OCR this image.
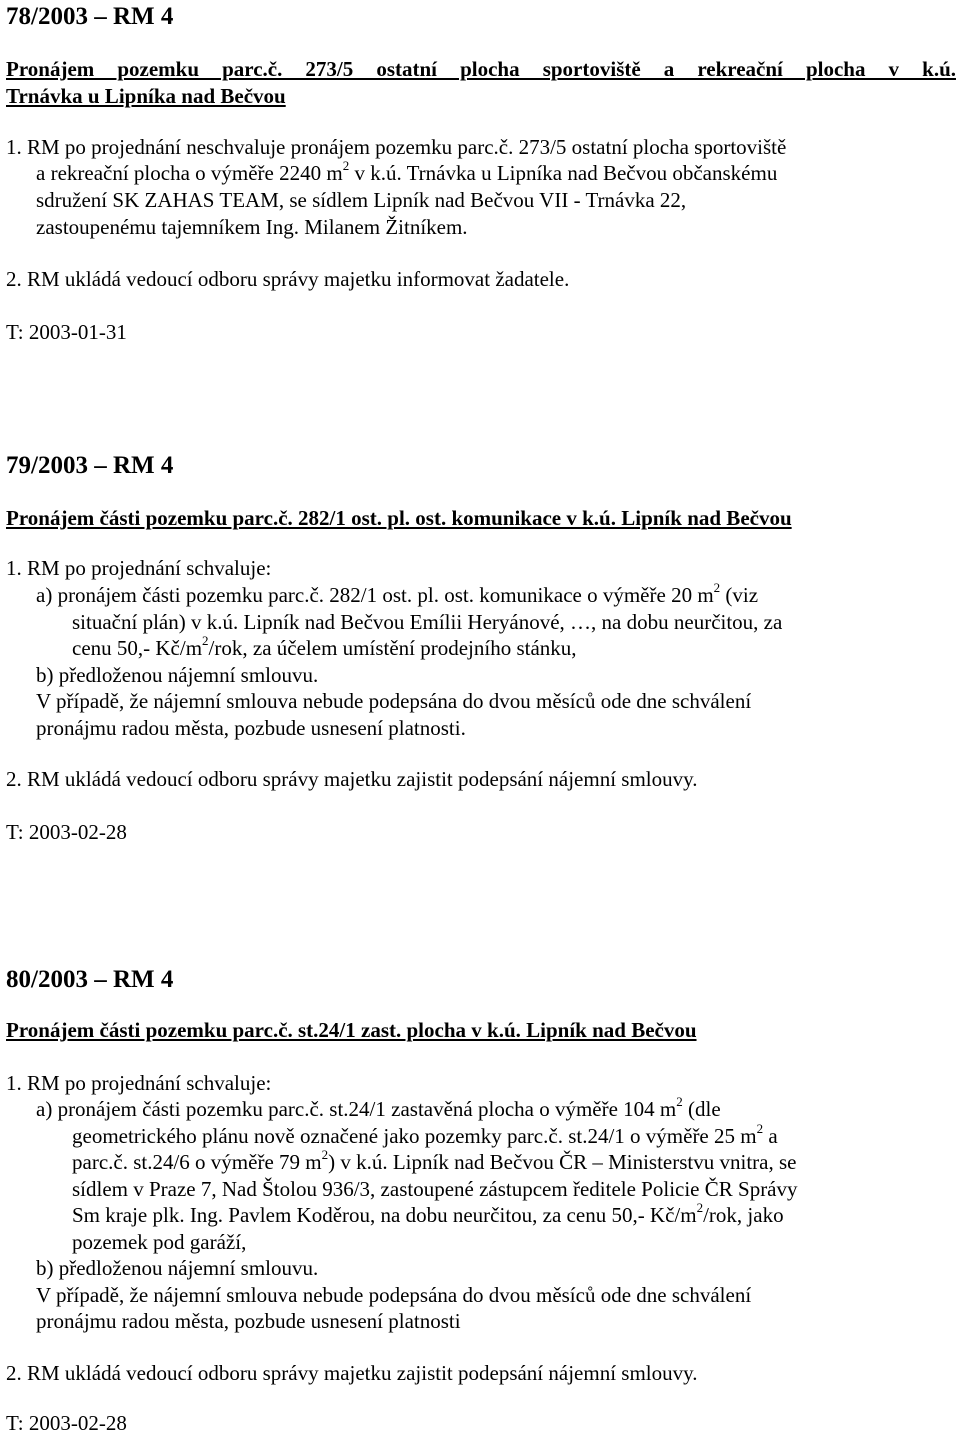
78/2003 – RM 4
Pronájem pozemku parc.č. 273/5 ostatní plocha sportoviště a rekreační plocha v k.ú.
Trnávka u Lipníka nad Bečvou
1. RM po projednání neschvaluje pronájem pozemku parc.č. 273/5 ostatní plocha sportoviště
a rekreační plocha o výměře 2240 $m^2$ v k.ú. Trnávka u Lipníka nad Bečvou občanskému
sdružení SK ZAHAS TEAM, se sídlem Lipník nad Bečvou VII - Trnávka 22,
zastoupenému tajemníkem Ing. Milanem Žitníkem.
2. RM ukládá vedoucí odboru správy majetku informovat žadatele.
T: 2003-01-31
79/2003 – RM 4
Pronájem části pozemku parc.č. 282/1 ost. pl. ost. komunikace v k.ú. Lipník nad Bečvou
1. RM po projednání schvaluje:
a) pronájem části pozemku parc.č. 282/1 ost. pl. ost. komunikace o výměře 20 $m^2$ (viz
situační plán) v k.ú. Lipník nad Bečvou Emílii Heryánové, …, na dobu neurčitou, za
cenu 50,- $Kč/m^2$/rok, za účelem umístění prodejního stánku,
b) předloženou nájemní smlouvu.
V případě, že nájemní smlouva nebude podepsána do dvou měsíců ode dne schválení
pronájmu radou města, pozbude usnesení platnosti.
2. RM ukládá vedoucí odboru správy majetku zajistit podepsání nájemní smlouvy.
T: 2003-02-28
80/2003 – RM 4
Pronájem části pozemku parc.č. st.24/1 zast. plocha v k.ú. Lipník nad Bečvou
1. RM po projednání schvaluje:
a) pronájem části pozemku parc.č. st.24/1 zastavěná plocha o výměře 104 $m^2$ (dle
geometrického plánu nově označené jako pozemky parc.č. st.24/1 o výměře 25 $m^2$ a
parc.č. st.24/6 o výměře 79 $m^2$) v k.ú. Lipník nad Bečvou ČR – Ministerstvu vnitra, se
sídlem v Praze 7, Nad Štolou 936/3, zastoupené zástupcem ředitele Policie ČR Správy
Sm kraje plk. Ing. Pavlem Koděrou, na dobu neurčitou, za cenu 50,- $Kč/m^2$/rok, jako
pozemek pod garáží,
b) předloženou nájemní smlouvu.
V případě, že nájemní smlouva nebude podepsána do dvou měsíců ode dne schválení
pronájmu radou města, pozbude usnesení platnosti
2. RM ukládá vedoucí odboru správy majetku zajistit podepsání nájemní smlouvy.
T: 2003-02-28
